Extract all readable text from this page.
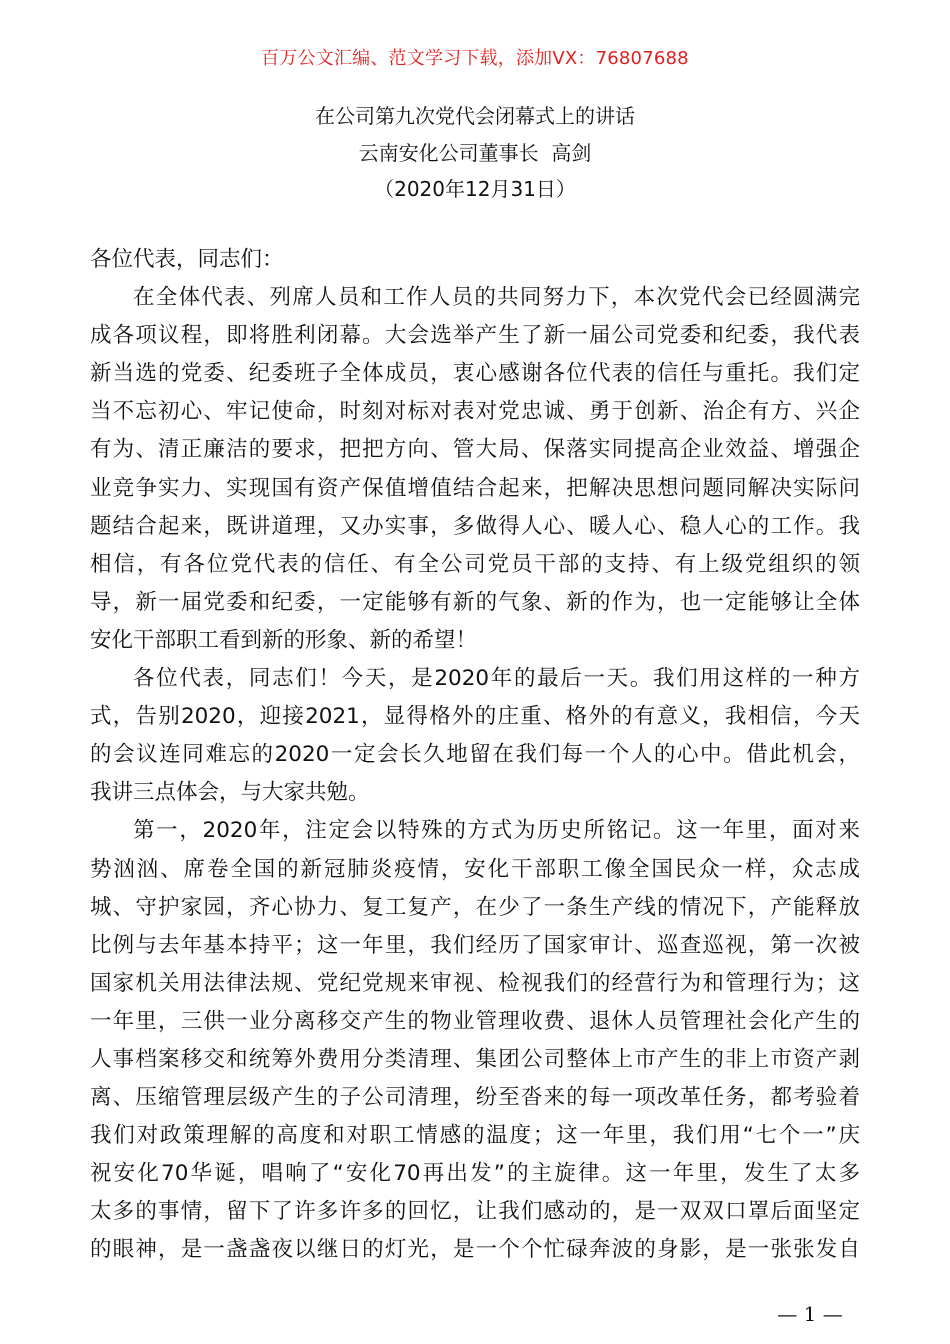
百万公文汇编、范文学习下载，添加VX：76807688
在公司第九次党代会闭幕式上的讲话
云南安化公司董事长  高剑
（2020年12月31日）
各位代表，同志们：
在全体代表、列席人员和工作人员的共同努力下，本次党代会已经圆满完
成各项议程，即将胜利闭幕。大会选举产生了新一届公司党委和纪委，我代表
新当选的党委、纪委班子全体成员，衷心感谢各位代表的信任与重托。我们定
当不忘初心、牢记使命，时刻对标对表对党忠诚、勇于创新、治企有方、兴企
有为、清正廉洁的要求，把把方向、管大局、保落实同提高企业效益、增强企
业竞争实力、实现国有资产保值增值结合起来，把解决思想问题同解决实际问
题结合起来，既讲道理，又办实事，多做得人心、暖人心、稳人心的工作。我
相信，有各位党代表的信任、有全公司党员干部的支持、有上级党组织的领
导，新一届党委和纪委，一定能够有新的气象、新的作为，也一定能够让全体
安化干部职工看到新的形象、新的希望！
各位代表，同志们！今天，是2020年的最后一天。我们用这样的一种方
式，告别2020，迎接2021，显得格外的庄重、格外的有意义，我相信，今天
的会议连同难忘的2020一定会长久地留在我们每一个人的心中。借此机会，
我讲三点体会，与大家共勉。
第一，2020年，注定会以特殊的方式为历史所铭记。这一年里，面对来
势汹汹、席卷全国的新冠肺炎疫情，安化干部职工像全国民众一样，众志成
城、守护家园，齐心协力、复工复产，在少了一条生产线的情况下，产能释放
比例与去年基本持平；这一年里，我们经历了国家审计、巡查巡视，第一次被
国家机关用法律法规、党纪党规来审视、检视我们的经营行为和管理行为；这
一年里，三供一业分离移交产生的物业管理收费、退休人员管理社会化产生的
人事档案移交和统筹外费用分类清理、集团公司整体上市产生的非上市资产剥
离、压缩管理层级产生的子公司清理，纷至沓来的每一项改革任务，都考验着
我们对政策理解的高度和对职工情感的温度；这一年里，我们用“七个一”庆
祝安化70华诞，唱响了“安化70再出发”的主旋律。这一年里，发生了太多
太多的事情，留下了许多许多的回忆，让我们感动的，是一双双口罩后面坚定
的眼神，是一盏盏夜以继日的灯光，是一个个忙碌奔波的身影，是一张张发自
— 1 —
